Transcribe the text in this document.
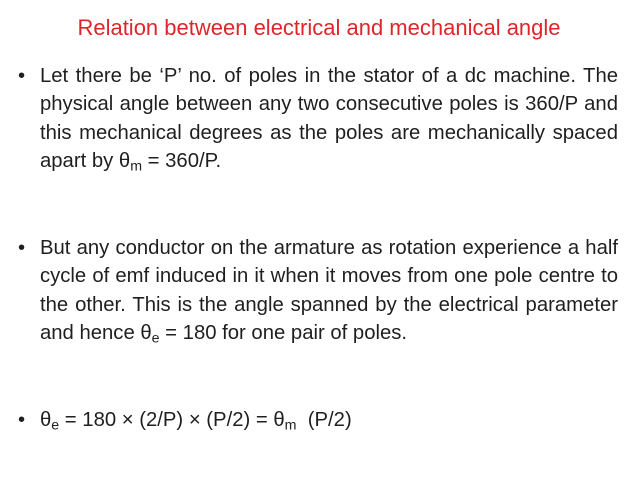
Relation between electrical and mechanical angle
• Let there be ‘P’ no. of poles in the stator of a dc machine. The physical angle between any two consecutive poles is 360/P and this mechanical degrees as the poles are mechanically spaced apart by $\theta_m = 360/P$.
• But any conductor on the armature as rotation experience a half cycle of emf induced in it when it moves from one pole centre to the other. This is the angle spanned by the electrical parameter and hence $\theta_e = 180$ for one pair of poles.
• $\theta_e = 180 \times (2/P) \times (P/2) = \theta_m$  (P/2)
